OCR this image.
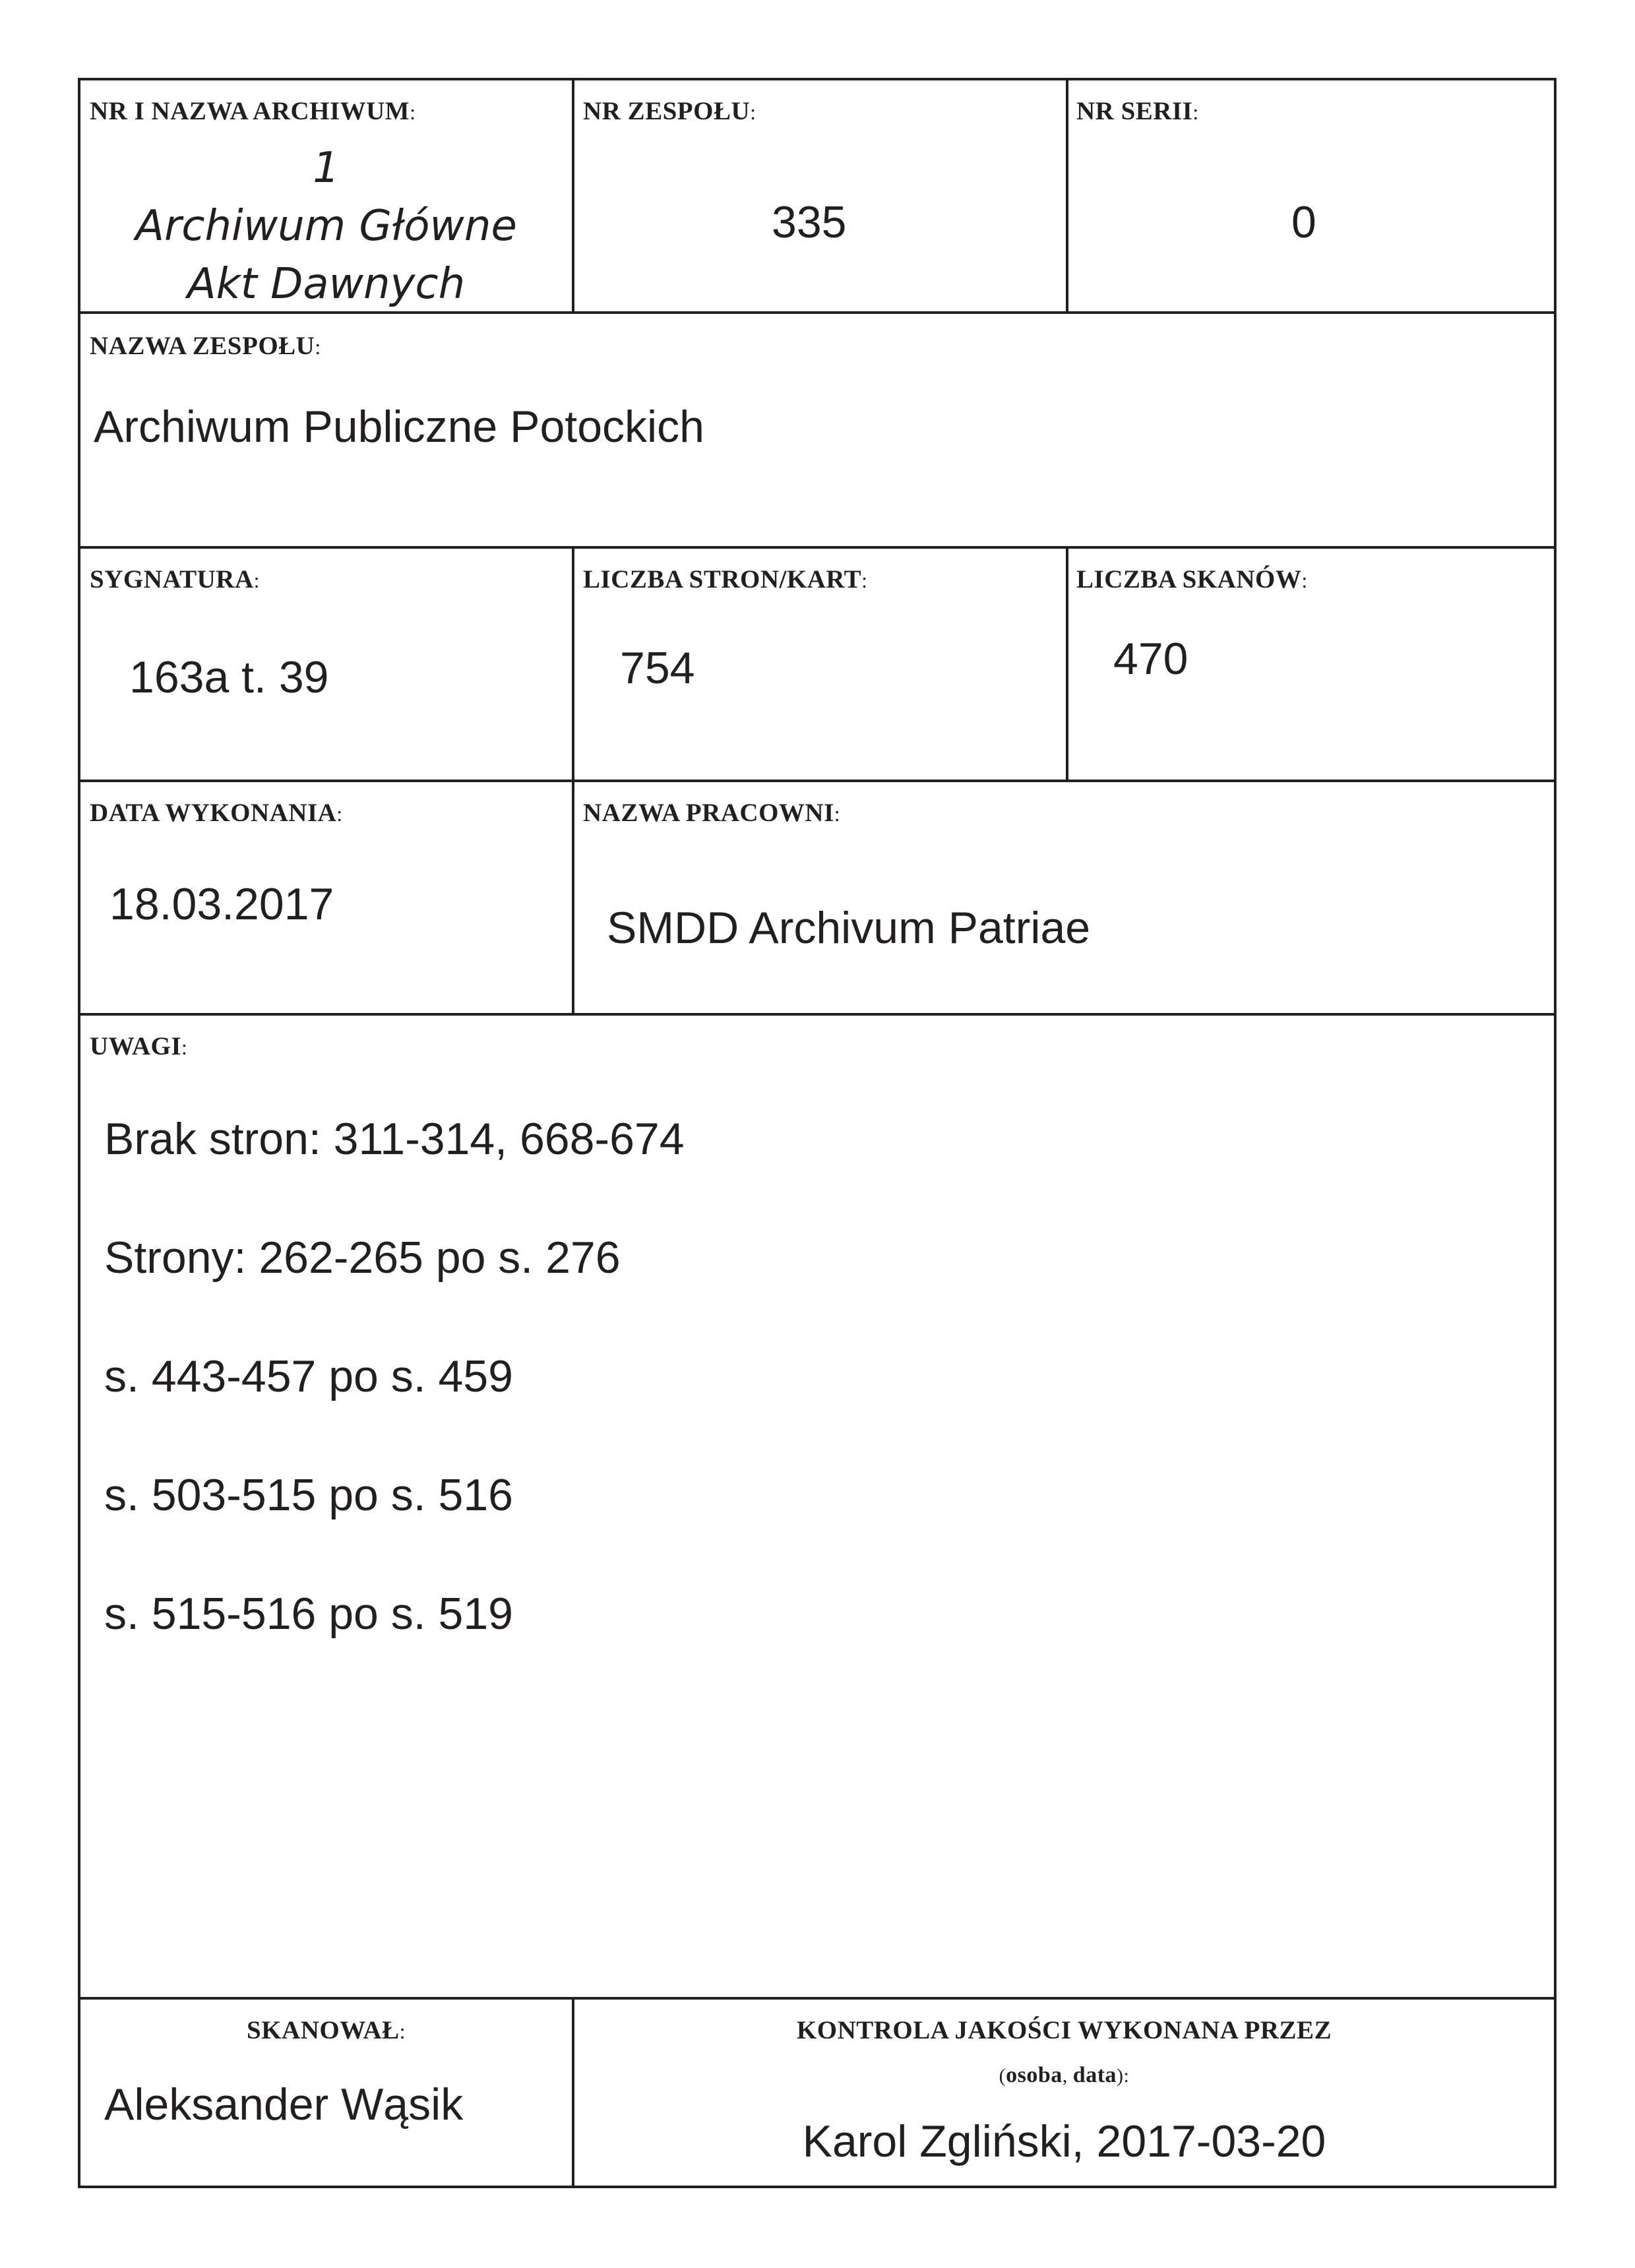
NR I NAZWA ARCHIWUM:
1
Archiwum Główne
Akt Dawnych
NR ZESPOŁU:
335
NR SERII:
0
NAZWA ZESPOŁU:
Archiwum Publiczne Potockich
SYGNATURA:
163a t. 39
LICZBA STRON/KART:
754
LICZBA SKANÓW:
470
DATA WYKONANIA:
18.03.2017
NAZWA PRACOWNI:
SMDD Archivum Patriae
UWAGI:
Brak stron: 311-314, 668-674
Strony: 262-265 po s. 276
s. 443-457 po s. 459
s. 503-515 po s. 516
s. 515-516 po s. 519
SKANOWAŁ:
Aleksander Wąsik
KONTROLA JAKOŚCI WYKONANA PRZEZ
(osoba, data):
Karol Zgliński, 2017-03-20
